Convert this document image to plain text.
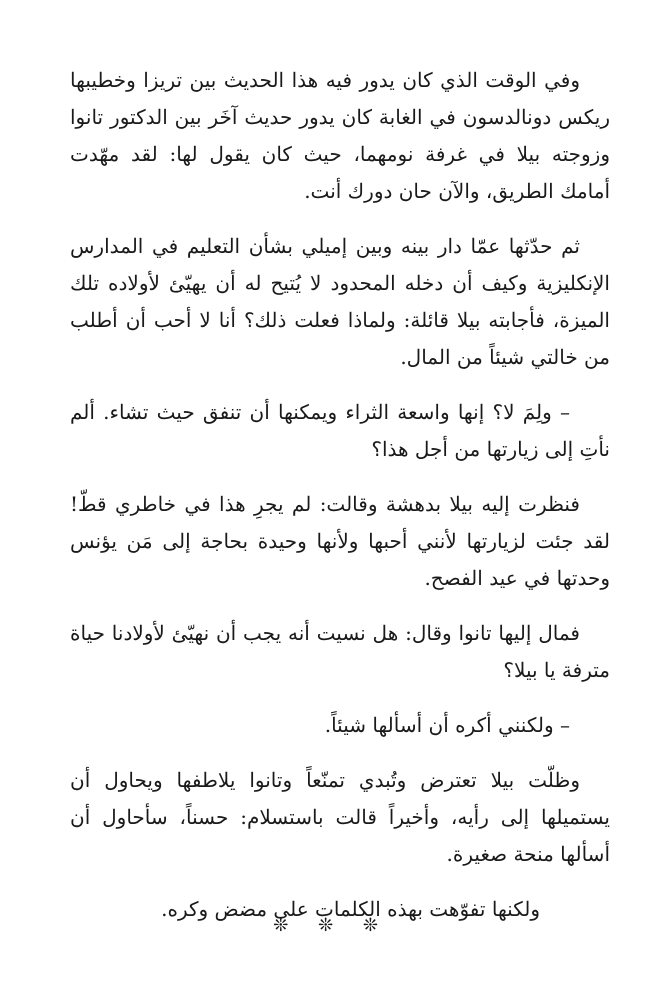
وفي الوقت الذي كان يدور فيه هذا الحديث بين تريزا وخطيبها ريكس دونالدسون في الغابة كان يدور حديث آخَر بين الدكتور تانوا وزوجته بيلا في غرفة نومهما، حيث كان يقول لها: لقد مهّدت أمامك الطريق، والآن حان دورك أنت.

ثم حدّثها عمّا دار بينه وبين إميلي بشأن التعليم في المدارس الإنكليزية وكيف أن دخله المحدود لا يُتيح له أن يهيّئ لأولاده تلك الميزة، فأجابته بيلا قائلة: ولماذا فعلت ذلك؟ أنا لا أحب أن أطلب من خالتي شيئاً من المال.

– ولِمَ لا؟ إنها واسعة الثراء ويمكنها أن تنفق حيث تشاء. ألم نأتِ إلى زيارتها من أجل هذا؟

فنظرت إليه بيلا بدهشة وقالت: لم يجرِ هذا في خاطري قطّ! لقد جئت لزيارتها لأنني أحبها ولأنها وحيدة بحاجة إلى مَن يؤنس وحدتها في عيد الفصح.

فمال إليها تانوا وقال: هل نسيت أنه يجب أن نهيّئ لأولادنا حياة مترفة يا بيلا؟

– ولكنني أكره أن أسألها شيئاً.

وظلّت بيلا تعترض وتُبدي تمنّعاً وتانوا يلاطفها ويحاول أن يستميلها إلى رأيه، وأخيراً قالت باستسلام: حسناً، سأحاول أن أسألها منحة صغيرة.

ولكنها تفوّهت بهذه الكلمات على مضض وكره.

❊ ❊ ❊
